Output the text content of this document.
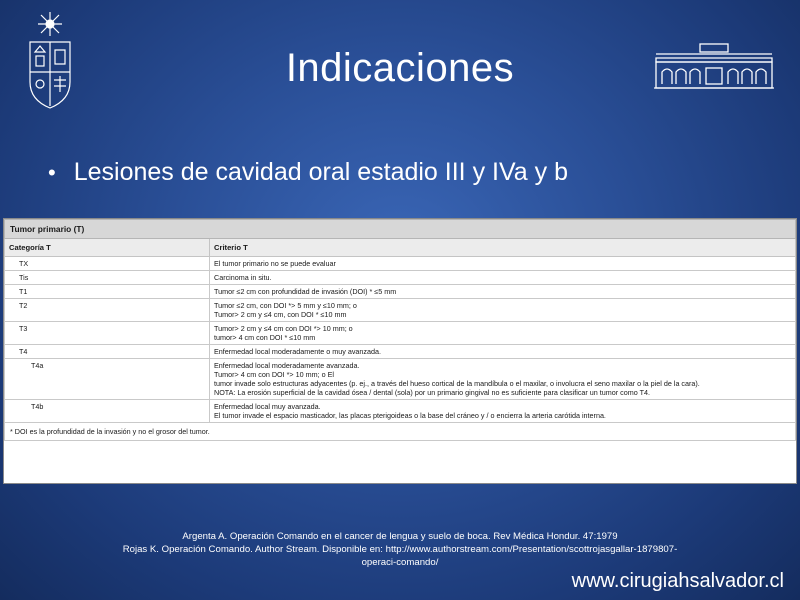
Indicaciones
• Lesiones de cavidad oral estadio III y IVa y b
Tumor primario (T)	
Categoría T	Criterio T
TX	El tumor primario no se puede evaluar

Tis	Carcinoma in situ.

T1	Tumor ≤2 cm con profundidad de invasión (DOI) * ≤5 mm

T2	Tumor ≤2 cm, con DOI *> 5 mm y ≤10 mm; o
Tumor> 2 cm y ≤4 cm, con DOI * ≤10 mm

T3	Tumor> 2 cm y ≤4 cm con DOI *> 10 mm; o
tumor> 4 cm con DOI * ≤10 mm

T4	Enfermedad local moderadamente o muy avanzada.

T4a	Enfermedad local moderadamente avanzada.
Tumor> 4 cm con DOI *> 10 mm; o El
tumor invade solo estructuras adyacentes (p. ej., a través del hueso cortical de la mandíbula o el maxilar, o involucra el seno maxilar o la piel de la cara).
NOTA: La erosión superficial de la cavidad ósea / dental (sola) por un primario gingival no es suficiente para clasificar un tumor como T4.

T4b	Enfermedad local muy avanzada.
El tumor invade el espacio masticador, las placas pterigoideas o la base del cráneo y / o encierra la arteria carótida interna.

* DOI es la profundidad de la invasión y no el grosor del tumor.	
Argenta A. Operación Comando en el cancer de lengua y suelo de boca. Rev Médica Hondur. 47:1979
Rojas K. Operación Comando. Author Stream. Disponible en: http://www.authorstream.com/Presentation/scottrojasgallar-1879807-
operaci-comando/
www.cirugiahsalvador.cl
